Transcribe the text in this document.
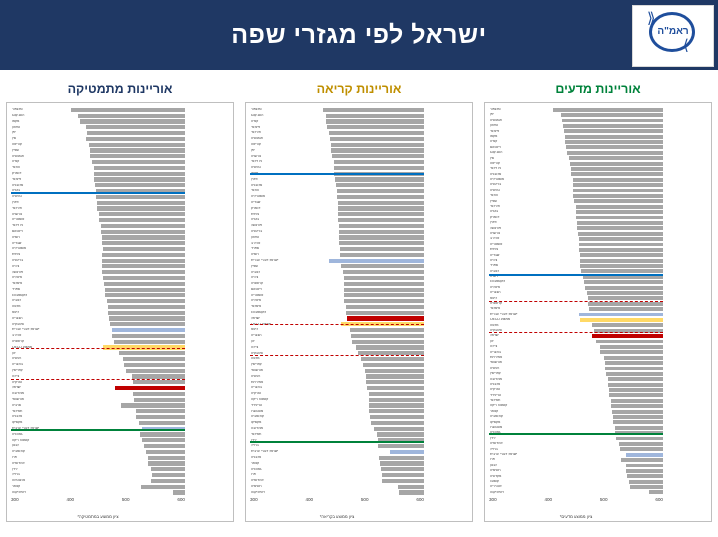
ישראל לפי מגזרי שפה
⟪
⟩
ראמ"ה
אוריינות מתמטיקה
סינגפור
הונג קונג
מקאו
טאיוון
יפן
סין
קוריאה
שוויץ
אסטוניה
קנדה
הולנד
דנמרק
פינלנד
סלובניה
בלגיה
גרמניה
פולין
אירלנד
נורווגיה
אוסטריה
ניו זילנד
וייטנאם
רוסיה
שבדיה
אוסטרליה
צרפת
בריטניה
צ'כיה
פורטוגל
איטליה
איסלנד
ספרד
לוקסמבורג
לטביה
מלטה
ליטא
הונגריה
סלובקיה
ישראל דוברי עברית
ארה"ב
קרואטיה
ממוצע OECD
יוון
רומניה
בולגריה
קפריסין
צ'ילה
טורקיה
ישראל
מולדובה
אורוגוואי
סרביה
תאילנד
אלבניה
מקסיקו
ישראל דוברי ערבית
גאורגיה
קוסטה ריקה
לבנון
קולומביה
פרו
אינדונזיה
ירדן
ברזיל
ארגנטינה
קטאר
דומיניקנה
300	400	500	600
ציון ממוצע במתמטיקה*
אוריינות קריאה
סינגפור
הונג קונג
קנדה
פינלנד
אירלנד
אסטוניה
קוריאה
יפן
נורווגיה
ניו זילנד
גרמניה
מקאו
פולין
סלובניה
הולנד
אוסטרליה
שבדיה
דנמרק
צרפת
בלגיה
פורטוגל
בריטניה
טאיוון
ארה"ב
ספרד
רוסיה
ישראל דוברי עברית
שוויץ
לטביה
צ'כיה
קרואטיה
וייטנאם
אוסטריה
איטליה
איסלנד
לוקסמבורג
ישראל
ממוצע OECD
ליטא
הונגריה
יוון
צ'ילה
סלובקיה
מלטה
קפריסין
אורוגוואי
רומניה
אמירויות
בולגריה
טורקיה
קוסטה ריקה
טרינידד
מונטנגרו
קולומביה
מקסיקו
מולדובה
תאילנד
ירדן
ברזיל
ישראל דוברי ערבית
אלבניה
קטאר
גאורגיה
פרו
אינדונזיה
תוניסיה
דומיניקנה
300	400	500	600
ציון ממוצע בקריאה*
אוריינות מדעים
סינגפור
יפן
אסטוניה
טאיוון
פינלנד
מקאו
קנדה
וייטנאם
הונג קונג
סין
קוריאה
ניו זילנד
סלובניה
אוסטרליה
בריטניה
גרמניה
הולנד
שוויץ
אירלנד
בלגיה
דנמרק
פולין
פורטוגל
נורווגיה
ארה"ב
אוסטריה
צרפת
שבדיה
צ'כיה
ספרד
לטביה
רוסיה
לוקסמבורג
איטליה
הונגריה
ליטא
קרואטיה
איסלנד
ישראל דוברי עברית
ממוצע OECD
מלטה
סלובקיה
ישראל
יוון
צ'ילה
בולגריה
אמירויות
אורוגוואי
רומניה
קפריסין
מולדובה
אלבניה
טורקיה
טרינידד
תאילנד
קוסטה ריקה
קטאר
קולומביה
מקסיקו
מונטנגרו
גאורגיה
ירדן
אינדונזיה
ברזיל
ישראל דוברי ערבית
פרו
לבנון
תוניסיה
מקדוניה
קוסובו
אלג'יריה
דומיניקנה
300	400	500	600
ציון ממוצע מדעים*
